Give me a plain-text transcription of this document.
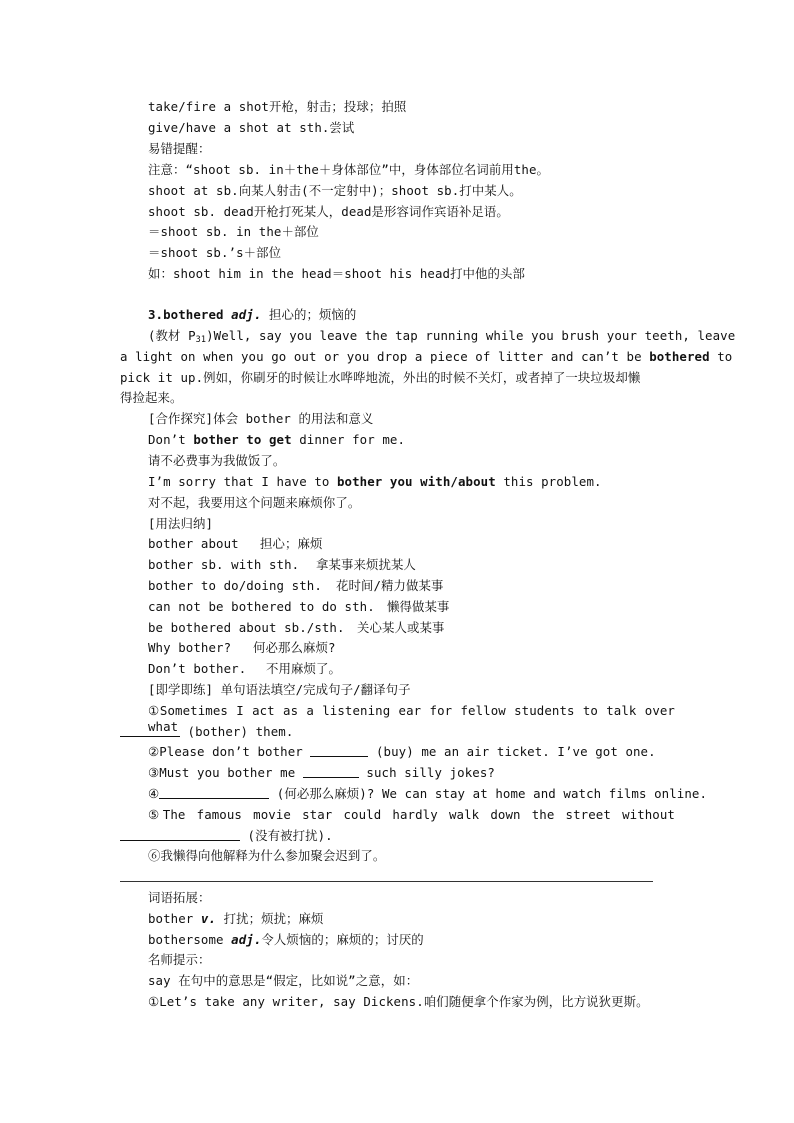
take/fire a shot开枪，射击；投球；拍照
give/have a shot at sth.尝试
易错提醒：
注意：“shoot sb. in＋the＋身体部位”中，身体部位名词前用the。
shoot at sb.向某人射击(不一定射中)；shoot sb.打中某人。
shoot sb. dead开枪打死某人，dead是形容词作宾语补足语。
＝shoot sb. in the＋部位
＝shoot sb.’s＋部位
如：shoot him in the head＝shoot his head打中他的头部
3.bothered adj. 担心的；烦恼的
(教材 $P_{31})Well$, say you leave the tap running while you brush your teeth, leave
a light on when you go out or you drop a piece of litter and can’t be bothered to
pick it up.例如，你刷牙的时候让水哗哗地流，外出的时候不关灯，或者掉了一块垃圾却懒
得捡起来。
[合作探究]体会 bother 的用法和意义
Don’t bother to get dinner for me.
请不必费事为我做饭了。
I’m sorry that I have to bother you with/about this problem.
对不起，我要用这个问题来麻烦你了。
[用法归纳]
bother about 担心；麻烦
bother sb. with sth. 拿某事来烦扰某人
bother to do/doing sth. 花时间/精力做某事
can not be bothered to do sth. 懒得做某事
be bothered about sb./sth. 关心某人或某事
Why bother? 何必那么麻烦?
Don’t bother. 不用麻烦了。
[即学即练] 单句语法填空/完成句子/翻译句子
①Sometimes I act as a listening ear for fellow students to talk over what (bother) them.
②Please don’t bother	(buy) me an air ticket. I’ve got one.
③Must you bother me	such silly jokes?
④	(何必那么麻烦)? We can stay at home and watch films online.
⑤The famous movie star could hardly walk down the street without
(没有被打扰).
⑥我懒得向他解释为什么参加聚会迟到了。
词语拓展：
bother v. 打扰；烦扰；麻烦
bothersome adj.令人烦恼的；麻烦的；讨厌的
名师提示：
say 在句中的意思是“假定，比如说”之意，如：
①Let’s take any writer, say Dickens.咱们随便拿个作家为例，比方说狄更斯。
